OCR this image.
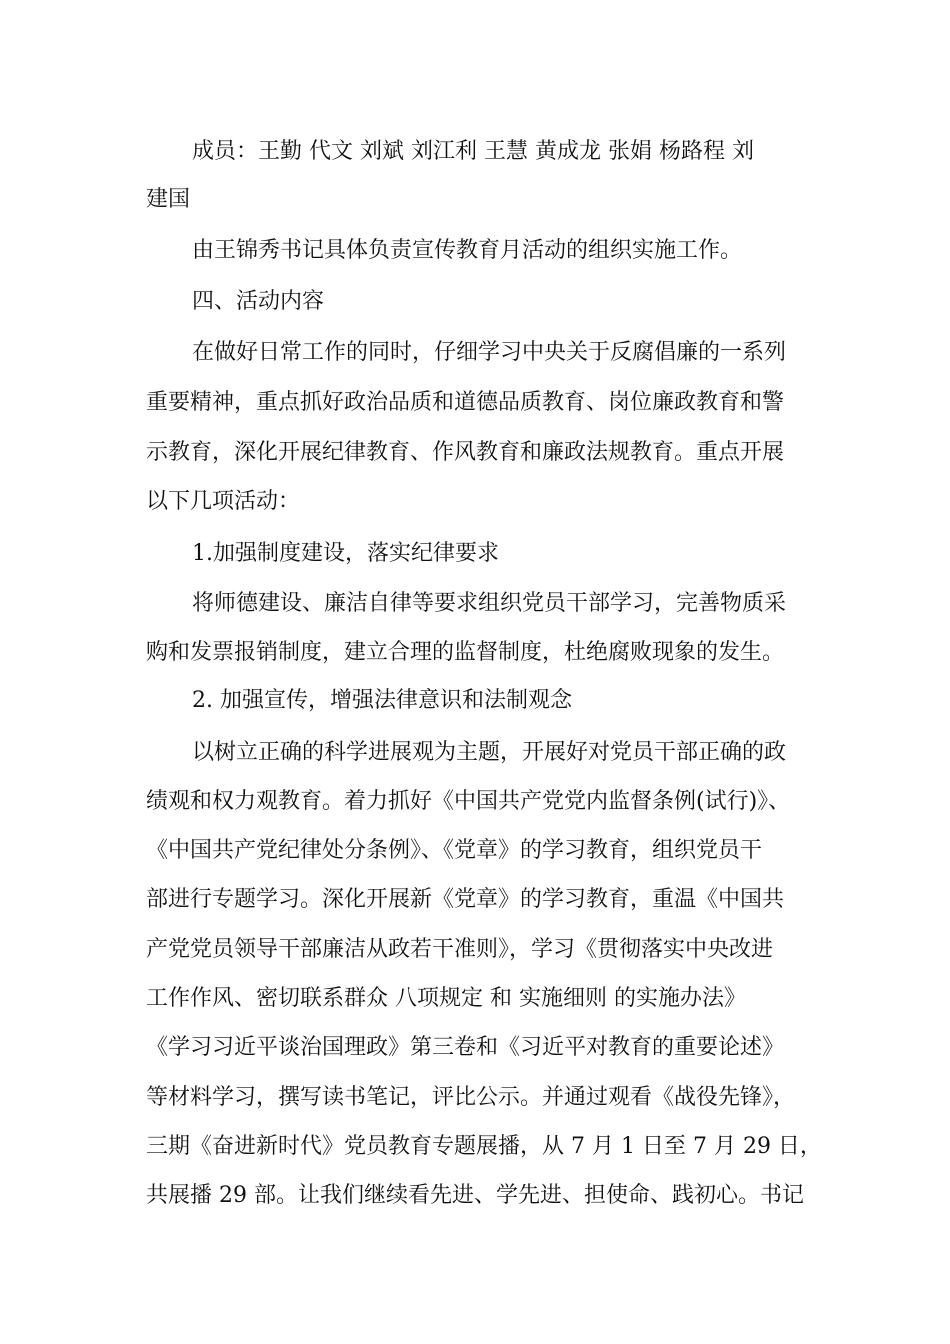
成员：王勤 代文 刘斌 刘江利 王慧 黄成龙 张娟 杨路程 刘
建国
由王锦秀书记具体负责宣传教育月活动的组织实施工作。
四、活动内容
在做好日常工作的同时，仔细学习中央关于反腐倡廉的一系列
重要精神，重点抓好政治品质和道德品质教育、岗位廉政教育和警
示教育，深化开展纪律教育、作风教育和廉政法规教育。重点开展
以下几项活动：
1.加强制度建设，落实纪律要求
将师德建设、廉洁自律等要求组织党员干部学习，完善物质采
购和发票报销制度，建立合理的监督制度，杜绝腐败现象的发生。
2. 加强宣传，增强法律意识和法制观念
以树立正确的科学进展观为主题，开展好对党员干部正确的政
绩观和权力观教育。着力抓好《中国共产党党内监督条例(试行)》、
《中国共产党纪律处分条例》、《党章》的学习教育，组织党员干
部进行专题学习。深化开展新《党章》的学习教育，重温《中国共
产党党员领导干部廉洁从政若干准则》，学习《贯彻落实中央改进
工作作风、密切联系群众 八项规定 和 实施细则 的实施办法》
《学习习近平谈治国理政》第三卷和《习近平对教育的重要论述》
等材料学习，撰写读书笔记，评比公示。并通过观看《战役先锋》，
三期《奋进新时代》党员教育专题展播，从 7 月 1 日至 7 月 29 日，
共展播 29 部。让我们继续看先进、学先进、担使命、践初心。书记
